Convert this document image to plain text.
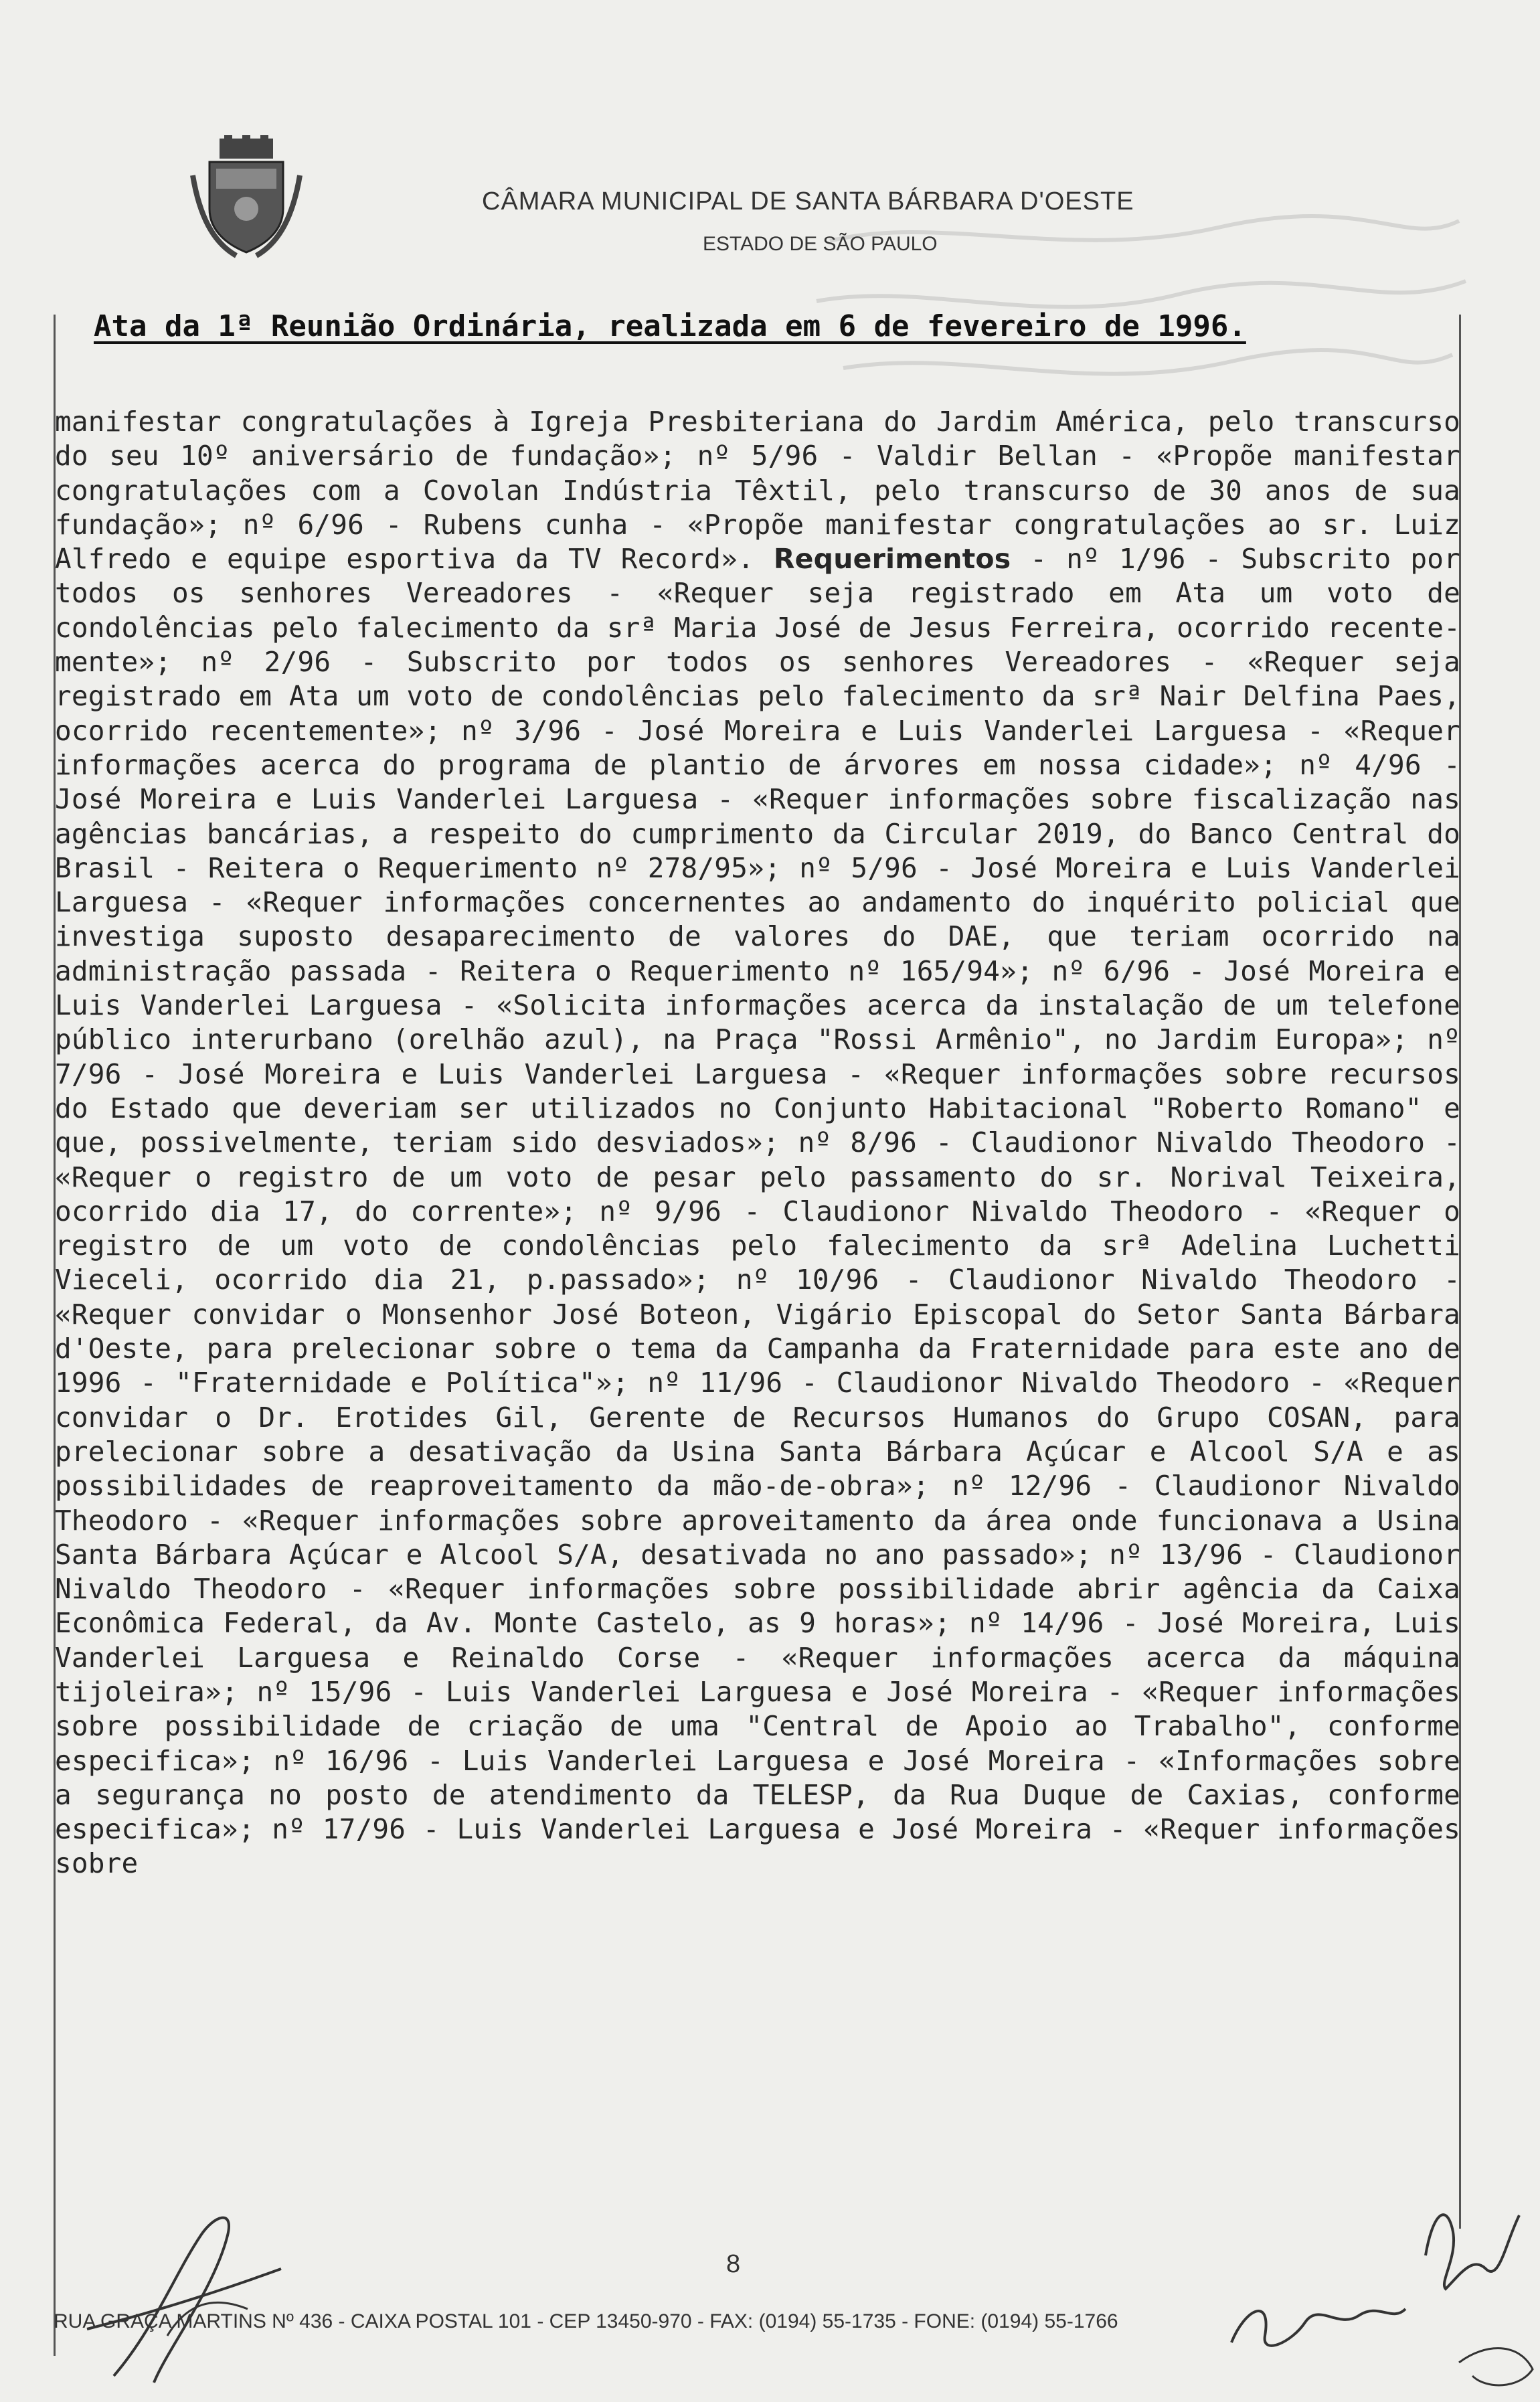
CÂMARA MUNICIPAL DE SANTA BÁRBARA D'OESTE
ESTADO DE SÃO PAULO
Ata da 1ª Reunião Ordinária, realizada em 6 de fevereiro de 1996.
manifestar congratulações à Igreja Presbiteriana do Jardim América, pelo transcurso do seu 10º aniversário de fundação»; nº 5/96 - Valdir Bellan - «Propõe manifestar congratulações com a Covolan Indústria Têxtil, pelo transcurso de 30 anos de sua fundação»; nº 6/96 - Rubens cunha - «Propõe manifestar congratulações ao sr. Luiz Alfredo e equipe esportiva da TV Record». Requerimentos - nº 1/96 - Subscrito por todos os senhores Vereadores - «Requer seja registrado em Ata um voto de condolências pelo falecimento da srª Maria José de Jesus Ferreira, ocorrido recente-mente»; nº 2/96 - Subscrito por todos os senhores Vereadores - «Requer seja registrado em Ata um voto de condolências pelo falecimento da srª Nair Delfina Paes, ocorrido recentemente»; nº 3/96 - José Moreira e Luis Vanderlei Larguesa - «Requer informações acerca do programa de plantio de árvores em nossa cidade»; nº 4/96 - José Moreira e Luis Vanderlei Larguesa - «Requer informações sobre fiscalização nas agências bancárias, a respeito do cumprimento da Circular 2019, do Banco Central do Brasil - Reitera o Requerimento nº 278/95»; nº 5/96 - José Moreira e Luis Vanderlei Larguesa - «Requer informações concernentes ao andamento do inquérito policial que investiga suposto desaparecimento de valores do DAE, que teriam ocorrido na administração passada - Reitera o Requerimento nº 165/94»; nº 6/96 - José Moreira e Luis Vanderlei Larguesa - «Solicita informações acerca da instalação de um telefone público interurbano (orelhão azul), na Praça "Rossi Armênio", no Jardim Europa»; nº 7/96 - José Moreira e Luis Vanderlei Larguesa - «Requer informações sobre recursos do Estado que deveriam ser utilizados no Conjunto Habitacional "Roberto Romano" e que, possivelmente, teriam sido desviados»; nº 8/96 - Claudionor Nivaldo Theodoro - «Requer o registro de um voto de pesar pelo passamento do sr. Norival Teixeira, ocorrido dia 17, do corrente»; nº 9/96 - Claudionor Nivaldo Theodoro - «Requer o registro de um voto de condolências pelo falecimento da srª Adelina Luchetti Vieceli, ocorrido dia 21, p.passado»; nº 10/96 - Claudionor Nivaldo Theodoro - «Requer convidar o Monsenhor José Boteon, Vigário Episcopal do Setor Santa Bárbara d'Oeste, para prelecionar sobre o tema da Campanha da Fraternidade para este ano de 1996 - "Fraternidade e Política"»; nº 11/96 - Claudionor Nivaldo Theodoro - «Requer convidar o Dr. Erotides Gil, Gerente de Recursos Humanos do Grupo COSAN, para prelecionar sobre a desativação da Usina Santa Bárbara Açúcar e Alcool S/A e as possibilidades de reaproveitamento da mão-de-obra»; nº 12/96 - Claudionor Nivaldo Theodoro - «Requer informações sobre aproveitamento da área onde funcionava a Usina Santa Bárbara Açúcar e Alcool S/A, desativada no ano passado»; nº 13/96 - Claudionor Nivaldo Theodoro - «Requer informações sobre possibilidade abrir agência da Caixa Econômica Federal, da Av. Monte Castelo, as 9 horas»; nº 14/96 - José Moreira, Luis Vanderlei Larguesa e Reinaldo Corse - «Requer informações acerca da máquina tijoleira»; nº 15/96 - Luis Vanderlei Larguesa e José Moreira - «Requer informações sobre possibilidade de criação de uma "Central de Apoio ao Trabalho", conforme especifica»; nº 16/96 - Luis Vanderlei Larguesa e José Moreira - «Informações sobre a segurança no posto de atendimento da TELESP, da Rua Duque de Caxias, conforme especifica»; nº 17/96 - Luis Vanderlei Larguesa e José Moreira - «Requer informações sobre
8
RUA GRAÇA MARTINS Nº 436 - CAIXA POSTAL 101 - CEP 13450-970 - FAX: (0194) 55-1735 - FONE: (0194) 55-1766
